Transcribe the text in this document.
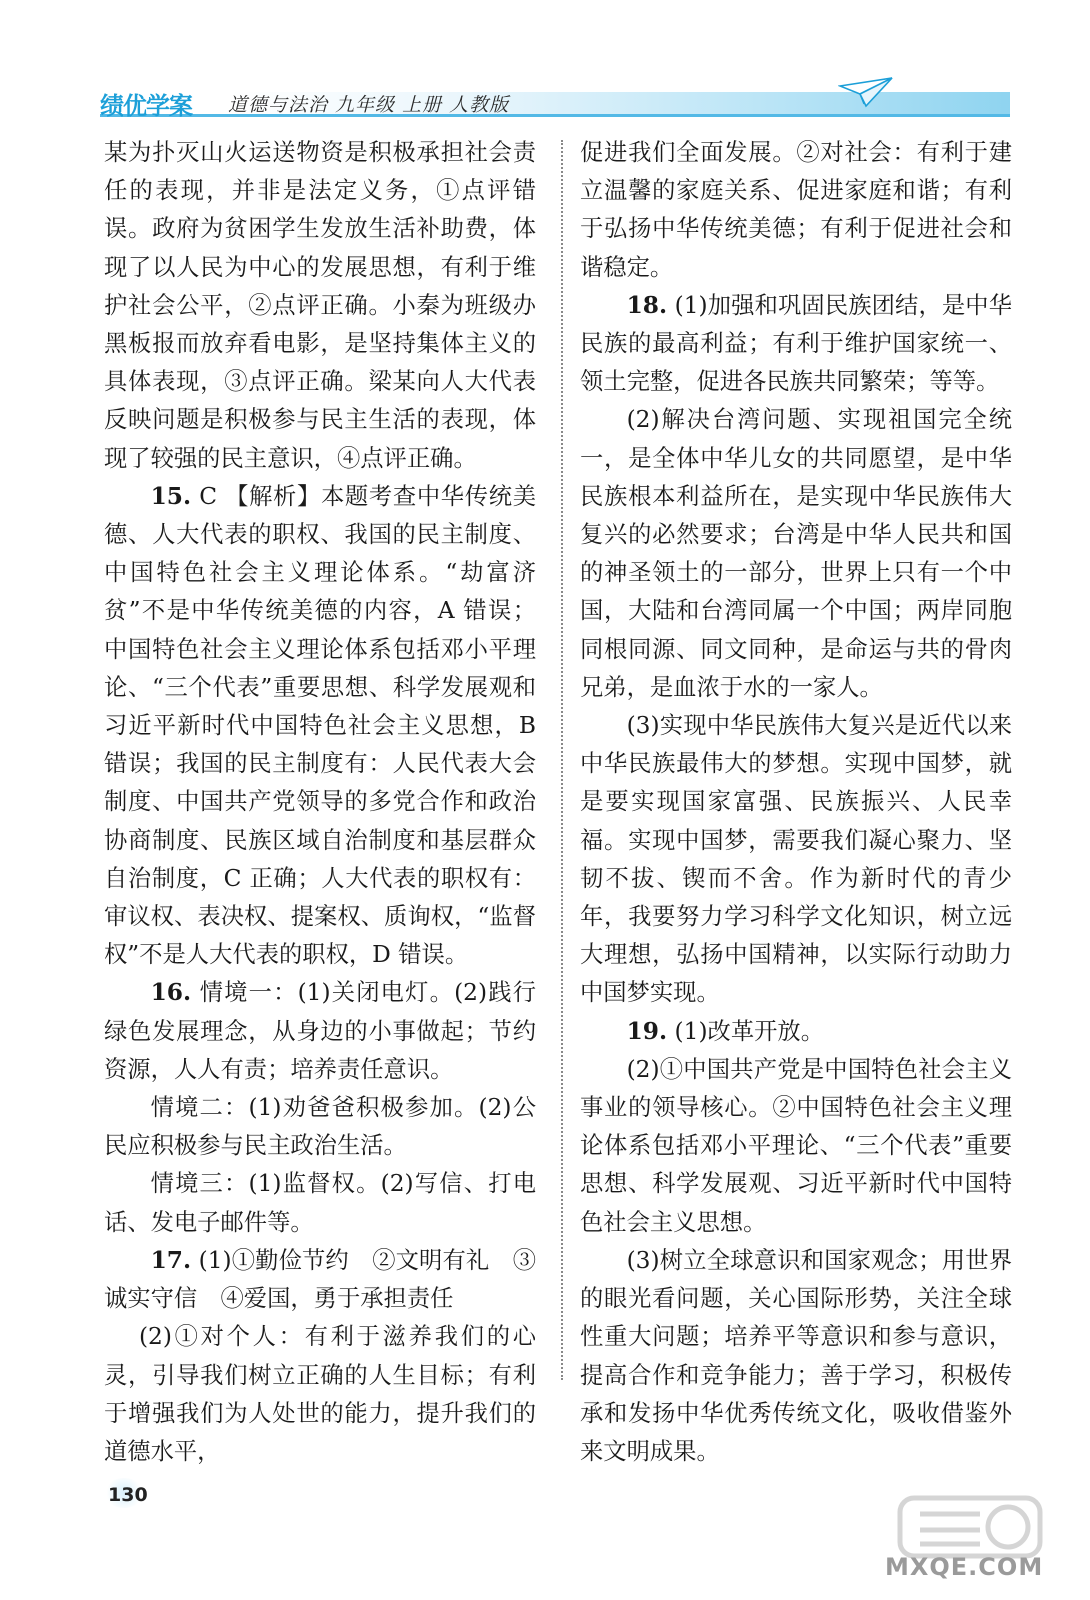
绩优学案 道德与法治 九年级 上册 人教版

某为扑灭山火运送物资是积极承担社会责任的表现，并非是法定义务，①点评错误。政府为贫困学生发放生活补助费，体现了以人民为中心的发展思想，有利于维护社会公平，②点评正确。小秦为班级办黑板报而放弃看电影，是坚持集体主义的具体表现，③点评正确。梁某向人大代表反映问题是积极参与民主生活的表现，体现了较强的民主意识，④点评正确。

15. C 【解析】本题考查中华传统美德、人大代表的职权、我国的民主制度、中国特色社会主义理论体系。“劫富济贫”不是中华传统美德的内容，A 错误；中国特色社会主义理论体系包括邓小平理论、“三个代表”重要思想、科学发展观和习近平新时代中国特色社会主义思想，B 错误；我国的民主制度有：人民代表大会制度、中国共产党领导的多党合作和政治协商制度、民族区域自治制度和基层群众自治制度，C 正确；人大代表的职权有：审议权、表决权、提案权、质询权，“监督权”不是人大代表的职权，D 错误。

16. 情境一：(1)关闭电灯。(2)践行绿色发展理念，从身边的小事做起；节约资源，人人有责；培养责任意识。

情境二：(1)劝爸爸积极参加。(2)公民应积极参与民主政治生活。

情境三：(1)监督权。(2)写信、打电话、发电子邮件等。

17. (1)①勤俭节约　②文明有礼　③诚实守信　④爱国，勇于承担责任

(2)①对个人：有利于滋养我们的心灵，引导我们树立正确的人生目标；有利于增强我们为人处世的能力，提升我们的道德水平，

促进我们全面发展。②对社会：有利于建立温馨的家庭关系、促进家庭和谐；有利于弘扬中华传统美德；有利于促进社会和谐稳定。

18. (1)加强和巩固民族团结，是中华民族的最高利益；有利于维护国家统一、领土完整，促进各民族共同繁荣；等等。

(2)解决台湾问题、实现祖国完全统一，是全体中华儿女的共同愿望，是中华民族根本利益所在，是实现中华民族伟大复兴的必然要求；台湾是中华人民共和国的神圣领土的一部分，世界上只有一个中国，大陆和台湾同属一个中国；两岸同胞同根同源、同文同种，是命运与共的骨肉兄弟，是血浓于水的一家人。

(3)实现中华民族伟大复兴是近代以来中华民族最伟大的梦想。实现中国梦，就是要实现国家富强、民族振兴、人民幸福。实现中国梦，需要我们凝心聚力、坚韧不拔、锲而不舍。作为新时代的青少年，我要努力学习科学文化知识，树立远大理想，弘扬中国精神，以实际行动助力中国梦实现。

19. (1)改革开放。

(2)①中国共产党是中国特色社会主义事业的领导核心。②中国特色社会主义理论体系包括邓小平理论、“三个代表”重要思想、科学发展观、习近平新时代中国特色社会主义思想。

(3)树立全球意识和国家观念；用世界的眼光看问题，关心国际形势，关注全球性重大问题；培养平等意识和参与意识，提高合作和竞争能力；善于学习，积极传承和发扬中华优秀传统文化，吸收借鉴外来文明成果。

130
MXQE.COM
